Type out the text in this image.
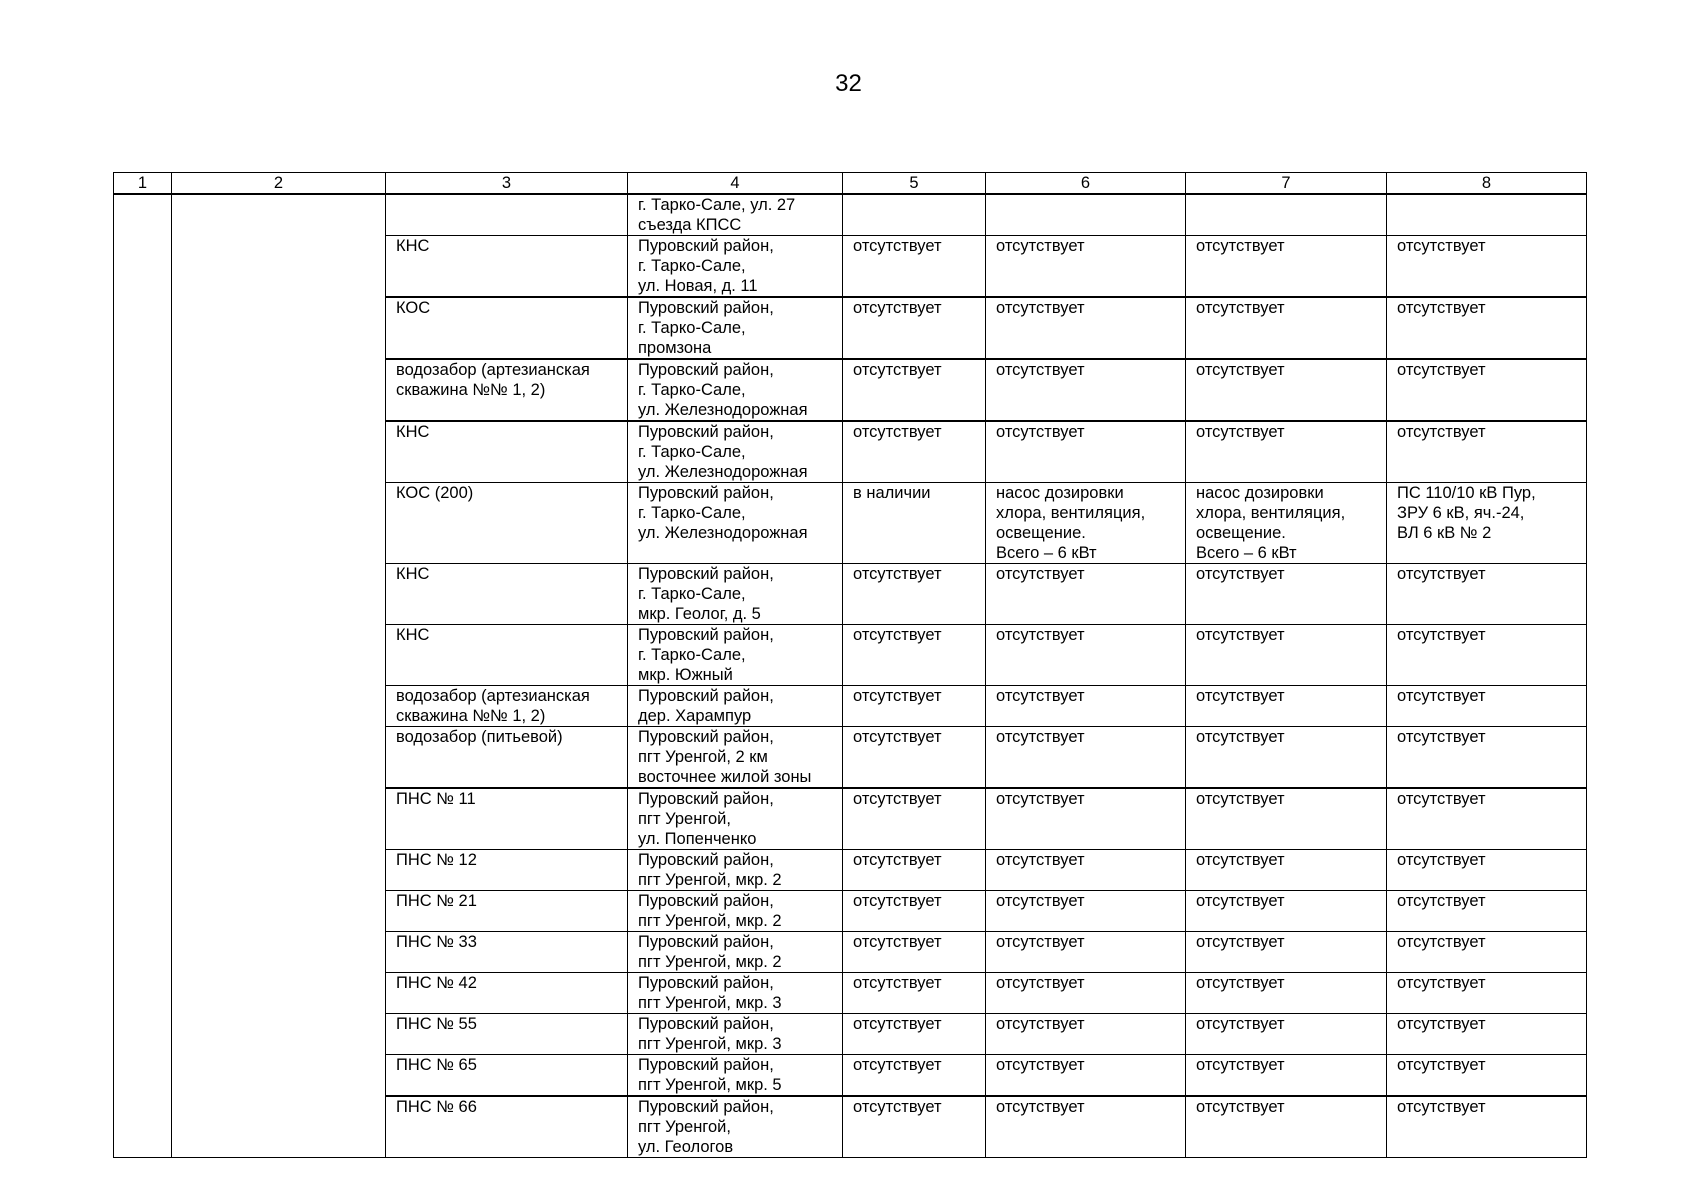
32
1	2	3	4	5	6	7	8
			г. Тарко-Сале, ул. 27
съезда КПСС				
		КНС	Пуровский район,
г. Тарко-Сале,
ул. Новая, д. 11	отсутствует	отсутствует	отсутствует	отсутствует
		КОС	Пуровский район,
г. Тарко-Сале,
промзона	отсутствует	отсутствует	отсутствует	отсутствует
		водозабор (артезианская
скважина №№ 1, 2)	Пуровский район,
г. Тарко-Сале,
ул. Железнодорожная	отсутствует	отсутствует	отсутствует	отсутствует
		КНС	Пуровский район,
г. Тарко-Сале,
ул. Железнодорожная	отсутствует	отсутствует	отсутствует	отсутствует
		КОС (200)	Пуровский район,
г. Тарко-Сале,
ул. Железнодорожная	в наличии	насос дозировки
хлора, вентиляция,
освещение.
Всего – 6 кВт	насос дозировки
хлора, вентиляция,
освещение.
Всего – 6 кВт	ПС 110/10 кВ Пур,
ЗРУ 6 кВ, яч.-24,
ВЛ 6 кВ № 2
		КНС	Пуровский район,
г. Тарко-Сале,
мкр. Геолог, д. 5	отсутствует	отсутствует	отсутствует	отсутствует
		КНС	Пуровский район,
г. Тарко-Сале,
мкр. Южный	отсутствует	отсутствует	отсутствует	отсутствует
		водозабор (артезианская
скважина №№ 1, 2)	Пуровский район,
дер. Харампур	отсутствует	отсутствует	отсутствует	отсутствует
		водозабор (питьевой)	Пуровский район,
пгт Уренгой, 2 км
восточнее жилой зоны	отсутствует	отсутствует	отсутствует	отсутствует
		ПНС № 11	Пуровский район,
пгт Уренгой,
ул. Попенченко	отсутствует	отсутствует	отсутствует	отсутствует
		ПНС № 12	Пуровский район,
пгт Уренгой, мкр. 2	отсутствует	отсутствует	отсутствует	отсутствует
		ПНС № 21	Пуровский район,
пгт Уренгой, мкр. 2	отсутствует	отсутствует	отсутствует	отсутствует
		ПНС № 33	Пуровский район,
пгт Уренгой, мкр. 2	отсутствует	отсутствует	отсутствует	отсутствует
		ПНС № 42	Пуровский район,
пгт Уренгой, мкр. 3	отсутствует	отсутствует	отсутствует	отсутствует
		ПНС № 55	Пуровский район,
пгт Уренгой, мкр. 3	отсутствует	отсутствует	отсутствует	отсутствует
		ПНС № 65	Пуровский район,
пгт Уренгой, мкр. 5	отсутствует	отсутствует	отсутствует	отсутствует
		ПНС № 66	Пуровский район,
пгт Уренгой,
ул. Геологов	отсутствует	отсутствует	отсутствует	отсутствует
